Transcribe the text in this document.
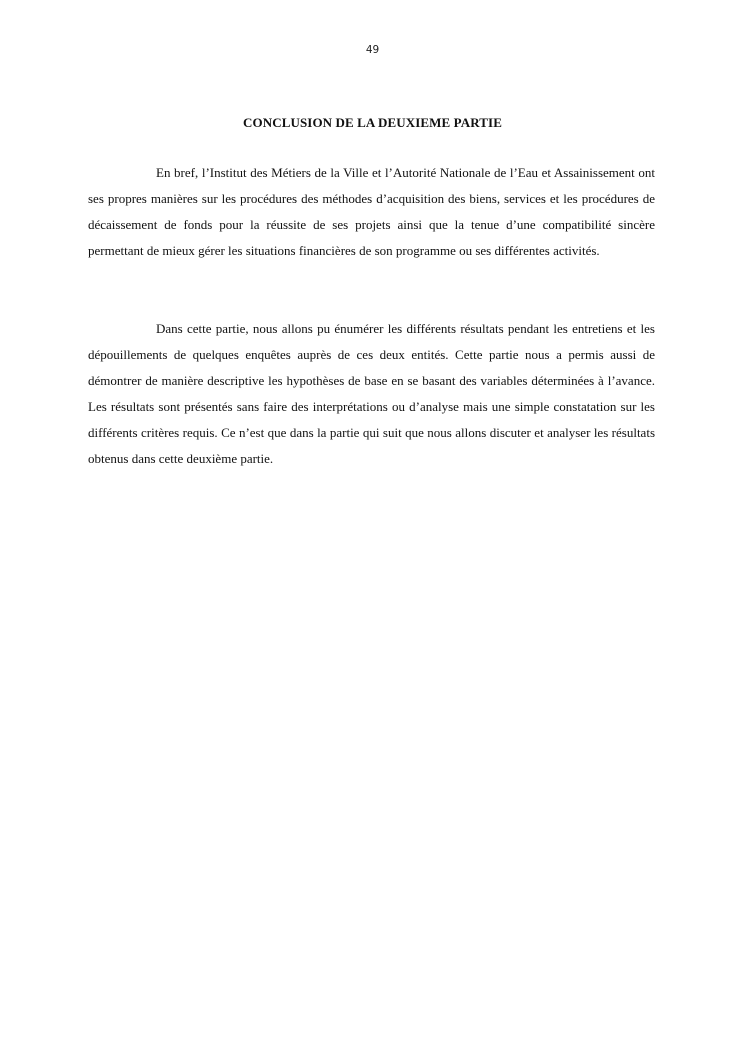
49
CONCLUSION DE LA DEUXIEME PARTIE

En bref, l’Institut des Métiers de la Ville et l’Autorité Nationale de l’Eau et Assainissement ont ses propres manières sur les procédures des méthodes d’acquisition des biens, services et les procédures de décaissement de fonds pour la réussite de ses projets ainsi que la tenue d’une compatibilité sincère permettant de mieux gérer les situations financières de son programme ou ses différentes activités.

Dans cette partie, nous allons pu énumérer les différents résultats pendant les entretiens et les dépouillements de quelques enquêtes auprès de ces deux entités. Cette partie nous a permis aussi de démontrer de manière descriptive les hypothèses de base en se basant des variables déterminées à l’avance. Les résultats sont présentés sans faire des interprétations ou d’analyse mais une simple constatation sur les différents critères requis. Ce n’est que dans la partie qui suit que nous allons discuter et analyser les résultats obtenus dans cette deuxième partie.
